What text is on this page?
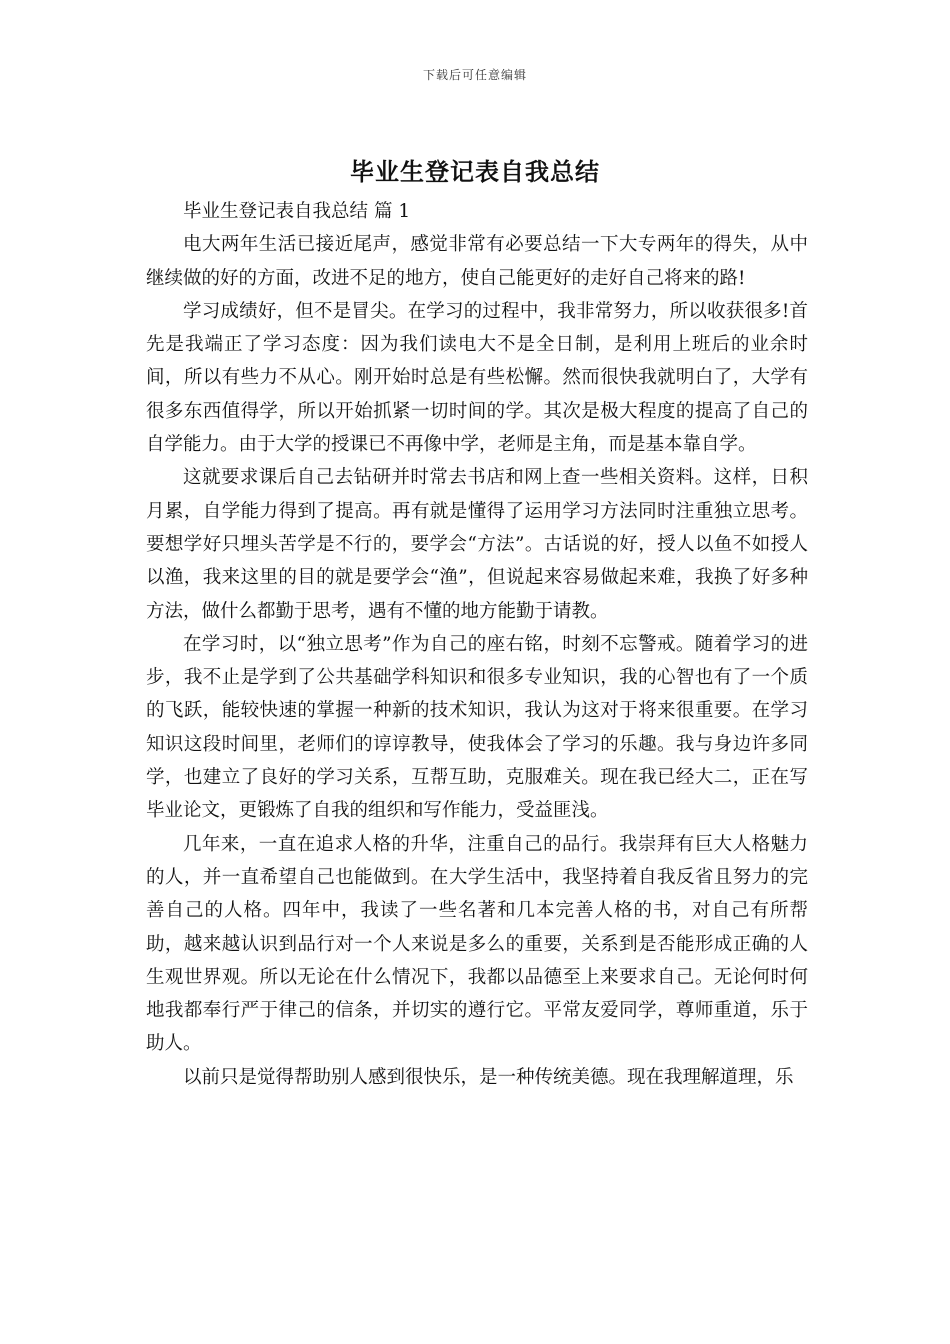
下载后可任意编辑
毕业生登记表自我总结
毕业生登记表自我总结 篇 1

电大两年生活已接近尾声，感觉非常有必要总结一下大专两年的得失，从中继续做的好的方面，改进不足的地方，使自己能更好的走好自己将来的路!

学习成绩好，但不是冒尖。在学习的过程中，我非常努力，所以收获很多!首先是我端正了学习态度：因为我们读电大不是全日制，是利用上班后的业余时间，所以有些力不从心。刚开始时总是有些松懈。然而很快我就明白了，大学有很多东西值得学，所以开始抓紧一切时间的学。其次是极大程度的提高了自己的自学能力。由于大学的授课已不再像中学，老师是主角，而是基本靠自学。

这就要求课后自己去钻研并时常去书店和网上查一些相关资料。这样，日积月累，自学能力得到了提高。再有就是懂得了运用学习方法同时注重独立思考。要想学好只埋头苦学是不行的，要学会“方法”。古话说的好，授人以鱼不如授人以渔，我来这里的目的就是要学会“渔”，但说起来容易做起来难，我换了好多种方法，做什么都勤于思考，遇有不懂的地方能勤于请教。

在学习时，以“独立思考”作为自己的座右铭，时刻不忘警戒。随着学习的进步，我不止是学到了公共基础学科知识和很多专业知识，我的心智也有了一个质的飞跃，能较快速的掌握一种新的技术知识，我认为这对于将来很重要。在学习知识这段时间里，老师们的谆谆教导，使我体会了学习的乐趣。我与身边许多同学，也建立了良好的学习关系，互帮互助，克服难关。现在我已经大二，正在写毕业论文，更锻炼了自我的组织和写作能力，受益匪浅。

几年来，一直在追求人格的升华，注重自己的品行。我崇拜有巨大人格魅力的人，并一直希望自己也能做到。在大学生活中，我坚持着自我反省且努力的完善自己的人格。四年中，我读了一些名著和几本完善人格的书，对自己有所帮助，越来越认识到品行对一个人来说是多么的重要，关系到是否能形成正确的人生观世界观。所以无论在什么情况下，我都以品德至上来要求自己。无论何时何地我都奉行严于律己的信条，并切实的遵行它。平常友爱同学，尊师重道，乐于助人。

以前只是觉得帮助别人感到很快乐，是一种传统美德。现在我理解道理，乐
